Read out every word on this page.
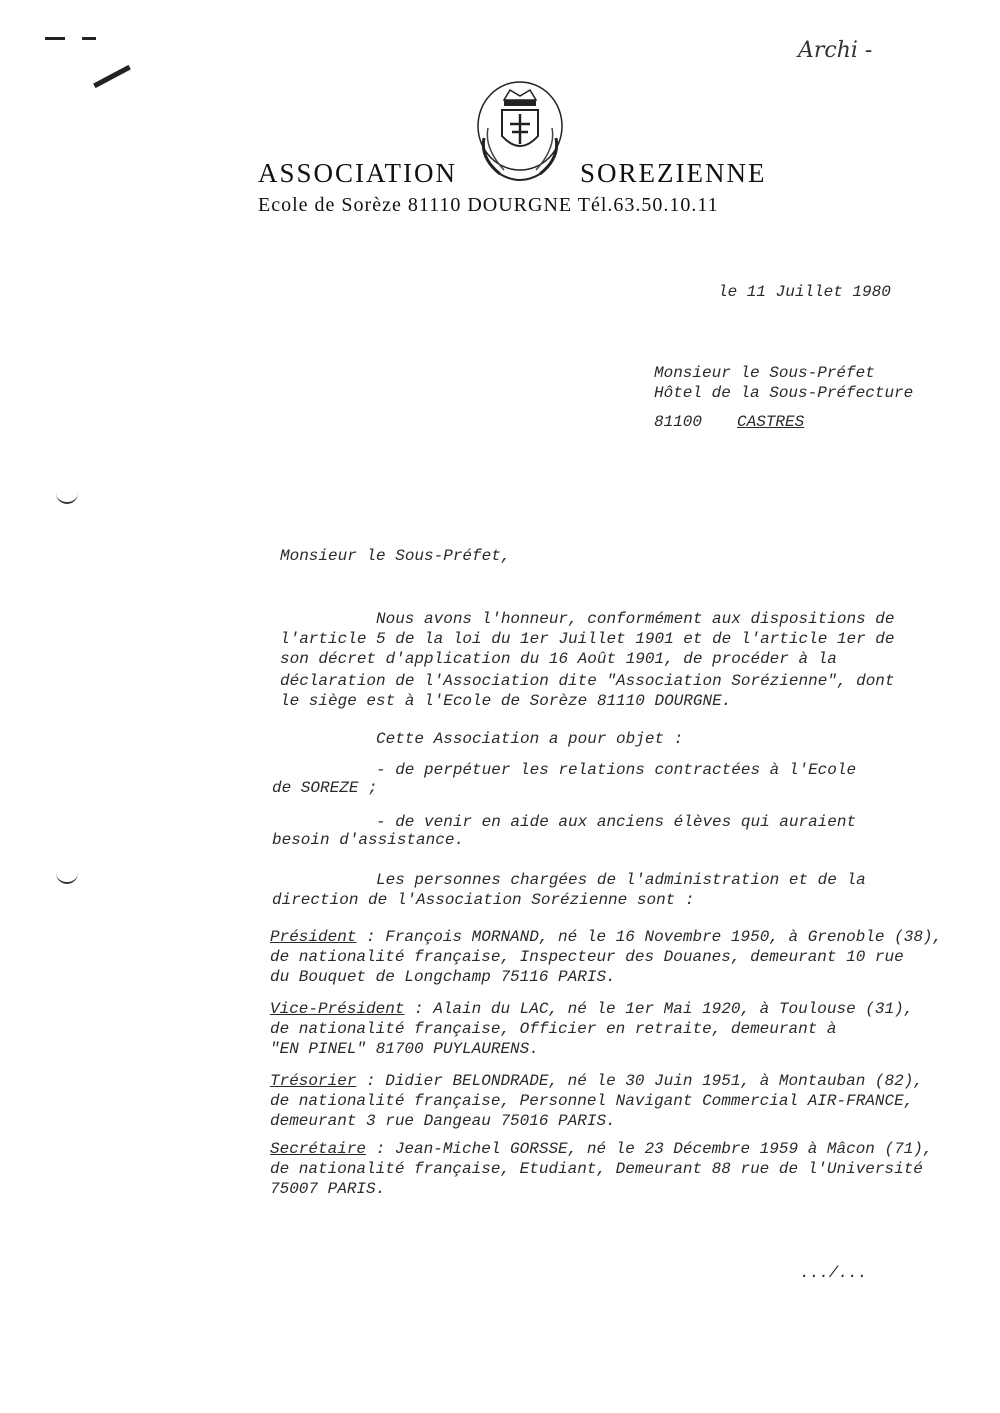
Archi -
ASSOCIATION	SOREZIENNE
Ecole de Sorèze 81110 DOURGNE Tél.63.50.10.11
le 11 Juillet 1980
Monsieur le Sous-Préfet
Hôtel de la Sous-Préfecture
81100 CASTRES
Monsieur le Sous-Préfet,
Nous avons l'honneur, conformément aux dispositions de
l'article 5 de la loi du 1er Juillet 1901 et de l'article 1er de
son décret d'application du 16 Août 1901, de procéder à la
déclaration de l'Association dite "Association Sorézienne", dont
le siège est à l'Ecole de Sorèze 81110 DOURGNE.
Cette Association a pour objet :
- de perpétuer les relations contractées à l'Ecole
de SOREZE ;
- de venir en aide aux anciens élèves qui auraient
besoin d'assistance.
Les personnes chargées de l'administration et de la
direction de l'Association Sorézienne sont :
Président : François MORNAND, né le 16 Novembre 1950, à Grenoble (38),
de nationalité française, Inspecteur des Douanes, demeurant 10 rue
du Bouquet de Longchamp 75116 PARIS.
Vice-Président : Alain du LAC, né le 1er Mai 1920, à Toulouse (31),
de nationalité française, Officier en retraite, demeurant à
"EN PINEL" 81700 PUYLAURENS.
Trésorier : Didier BELONDRADE, né le 30 Juin 1951, à Montauban (82),
de nationalité française, Personnel Navigant Commercial AIR-FRANCE,
demeurant 3 rue Dangeau 75016 PARIS.
Secrétaire : Jean-Michel GORSSE, né le 23 Décembre 1959 à Mâcon (71),
de nationalité française, Etudiant, Demeurant 88 rue de l'Université
75007 PARIS.
.../...
